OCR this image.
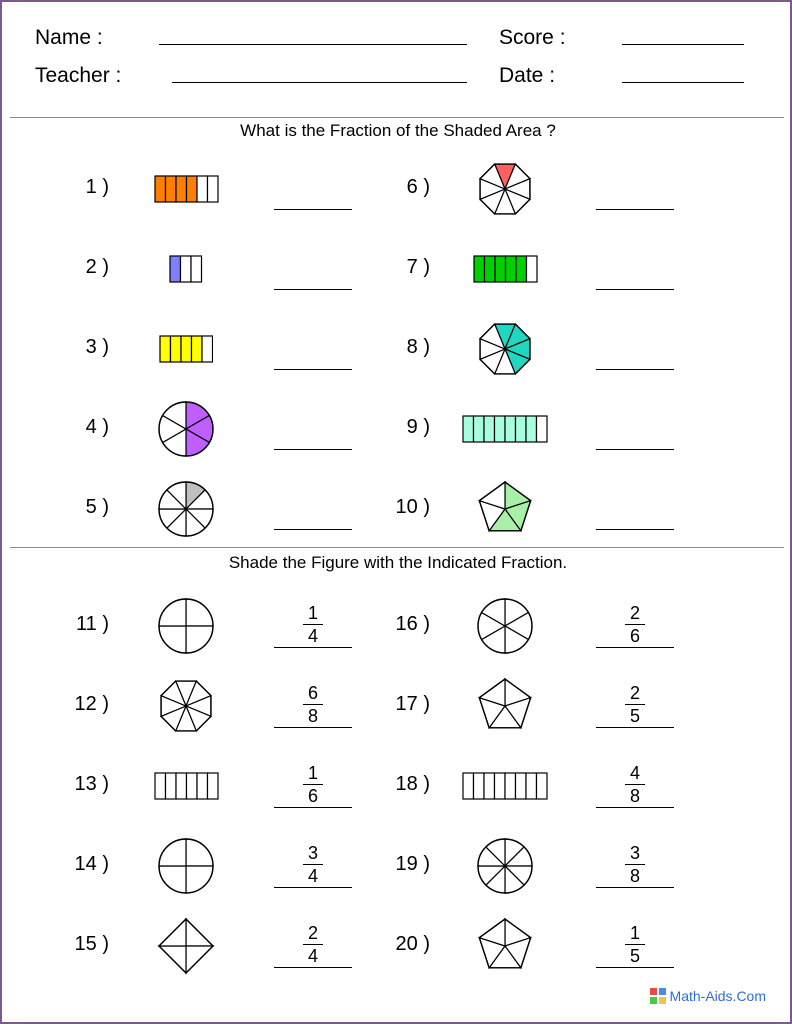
Name :
Teacher :
Score :
Date :
What is the Fraction of the Shaded Area ?
Shade the Figure with the Indicated Fraction.
1 )
2 )
3 )
4 )
5 )
6 )
7 )
8 )
9 )
10 )
11 )	1
4
12 )	6
8
13 )	1
6
14 )	3
4
15 )	2
4
16 )	2
6
17 )	2
5
18 )	4
8
19 )	3
8
20 )	1
5
Math-Aids.Com
